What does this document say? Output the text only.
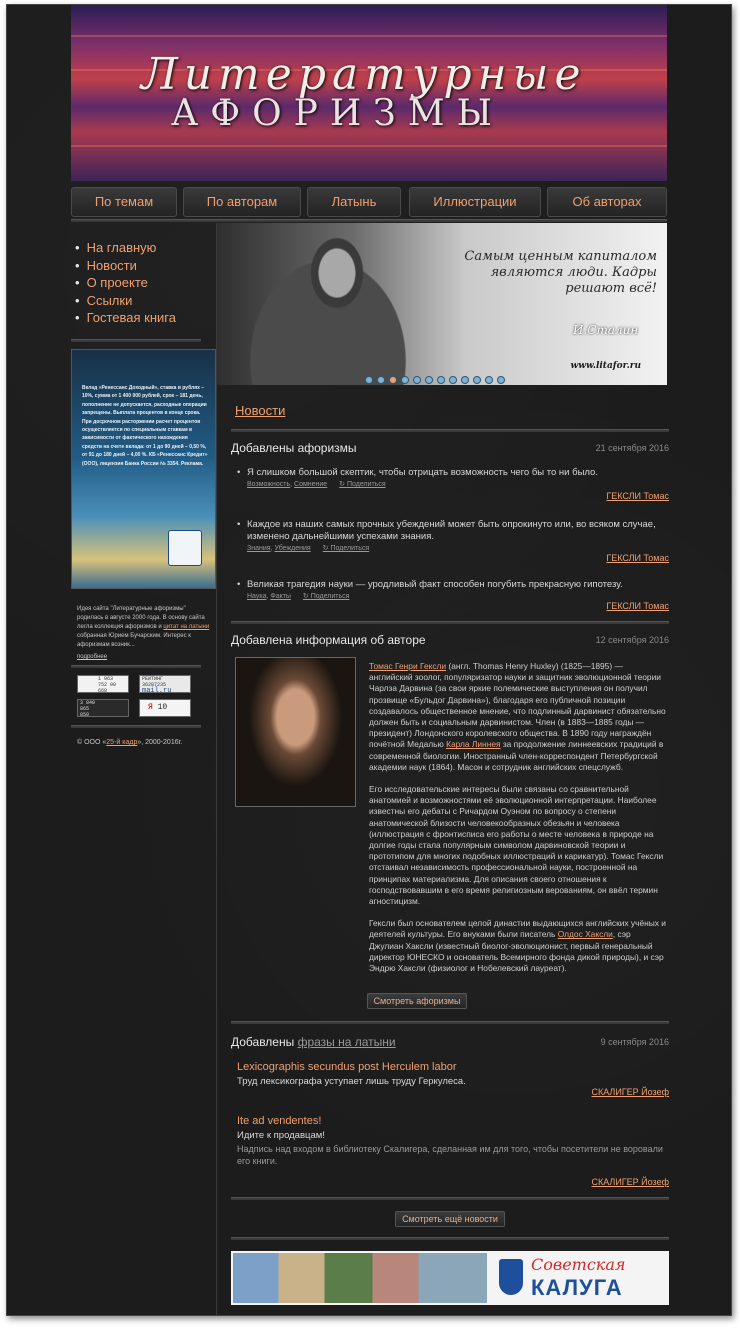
Литературные
АФОРИЗМЫ
По темам	По авторам	Латынь	Иллюстрации	Об авторах
• На главную
• Новости
• О проекте
• Ссылки
• Гостевая книга

Вклад «Ренессанс Доходный», ставка в рублях – 10%, сумма от 1 400 000 рублей, срок – 181 день, пополнение не допускается, расходные операции запрещены. Выплата процентов в конце срока. При досрочном расторжении расчет процентов осуществляется по специальным ставкам в зависимости от фактического нахождения средств на счете вклада: от 1 до 90 дней – 0,50 %, от 91 до 180 дней – 4,00 %. КБ «Ренессанс Кредит» (ООО), лицензия Банка России № 3354. Реклама.

Идея сайта "Литературные афоризмы" родилась в августе 2000 года. В основу сайта легла коллекция афоризмов и цитат на латыни собранная Юрием Бучарским. Интерес к афоризмам возник...
подробнее
1 963
752 00
668
РЕЙТИНГ 36287235
mail.ru
3 840
865
850
Я 10
© ООО «25-й кадр», 2000-2016г.
Самым ценным капиталом являются люди. Кадры решают всё!
И.Сталин
www.litafor.ru
Новости
Добавлены афоризмы	21 сентября 2016
• Я слишком большой скептик, чтобы отрицать возможность чего бы то ни было.
Возможность, Сомнение	↻ Поделиться
ГЕКСЛИ Томас
• Каждое из наших самых прочных убеждений может быть опрокинуто или, во всяком случае, изменено дальнейшими успехами знания.
Знания, Убеждения	↻ Поделиться
ГЕКСЛИ Томас
• Великая трагедия науки — уродливый факт способен погубить прекрасную гипотезу.
Наука, Факты	↻ Поделиться
ГЕКСЛИ Томас
Добавлена информация об авторе	12 сентября 2016

Томас Генри Гексли (англ. Thomas Henry Huxley) (1825—1895) — английский зоолог, популяризатор науки и защитник эволюционной теории Чарлза Дарвина (за свои яркие полемические выступления он получил прозвище «Бульдог Дарвина»), благодаря его публичной позиции создавалось общественное мнение, что подлинный дарвинист обязательно должен быть и социальным дарвинистом. Член (в 1883—1885 годы — президент) Лондонского королевского общества. В 1890 году награждён почётной Медалью Карла Линнея за продолжение линнеевских традиций в современной биологии. Иностранный член-корреспондент Петербургской академии наук (1864). Масон и сотрудник английских спецслужб.

Его исследовательские интересы были связаны со сравнительной анатомией и возможностями её эволюционной интерпретации. Наиболее известны его дебаты с Ричардом Оуэном по вопросу о степени анатомической близости человекообразных обезьян и человека (иллюстрация с фронтисписа его работы о месте человека в природе на долгие годы стала популярным символом дарвиновской теории и прототипом для многих подобных иллюстраций и карикатур). Томас Гексли отстаивал независимость профессиональной науки, построенной на принципах материализма. Для описания своего отношения к господствовавшим в его время религиозным верованиям, он ввёл термин агностицизм.

Гексли был основателем целой династии выдающихся английских учёных и деятелей культуры. Его внуками были писатель Олдос Хаксли, сэр Джулиан Хаксли (известный биолог-эволюционист, первый генеральный директор ЮНЕСКО и основатель Всемирного фонда дикой природы), и сэр Эндрю Хаксли (физиолог и Нобелевский лауреат).

Смотреть афоризмы
Добавлены фразы на латыни	9 сентября 2016
Lexicographis secundus post Herculem labor
Труд лексикографа уступает лишь труду Геркулеса.
СКАЛИГЕР Йозеф
Ite ad vendentes!
Идите к продавцам!
Надпись над входом в библиотеку Скалигера, сделанная им для того, чтобы посетители не воровали его книги.
СКАЛИГЕР Йозеф
Смотреть ещё новости
Советская
КАЛУГА
